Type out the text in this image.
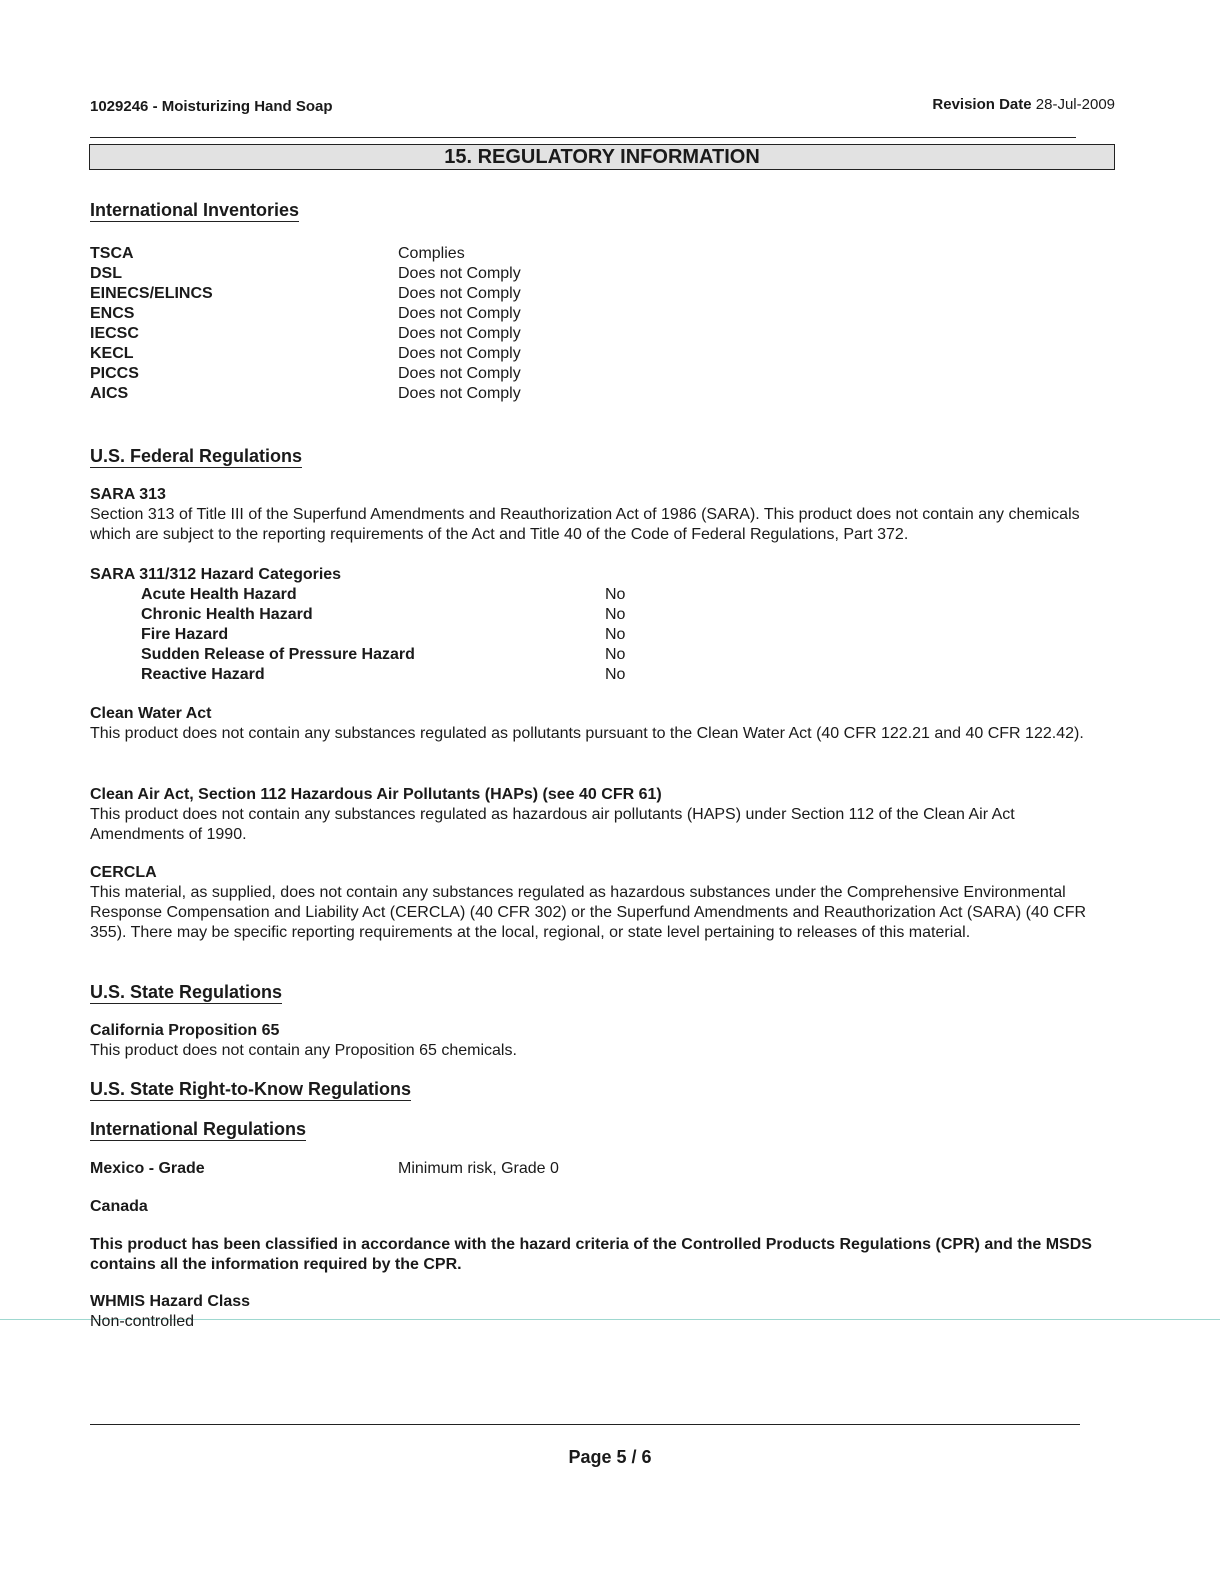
1029246 - Moisturizing Hand Soap	Revision Date 28-Jul-2009
15. REGULATORY INFORMATION
International Inventories
TSCA	Complies
DSL	Does not Comply
EINECS/ELINCS	Does not Comply
ENCS	Does not Comply
IECSC	Does not Comply
KECL	Does not Comply
PICCS	Does not Comply
AICS	Does not Comply
U.S. Federal Regulations
SARA 313
Section 313 of Title III of the Superfund Amendments and Reauthorization Act of 1986 (SARA). This product does not contain any chemicals which are subject to the reporting requirements of the Act and Title 40 of the Code of Federal Regulations, Part 372.
SARA 311/312 Hazard Categories
Acute Health Hazard	No
Chronic Health Hazard	No
Fire Hazard	No
Sudden Release of Pressure Hazard	No
Reactive Hazard	No
Clean Water Act
This product does not contain any substances regulated as pollutants pursuant to the Clean Water Act (40 CFR 122.21 and 40 CFR 122.42).
Clean Air Act, Section 112 Hazardous Air Pollutants (HAPs) (see 40 CFR 61)
This product does not contain any substances regulated as hazardous air pollutants (HAPS) under Section 112 of the Clean Air Act Amendments of 1990.
CERCLA
This material, as supplied, does not contain any substances regulated as hazardous substances under the Comprehensive Environmental Response Compensation and Liability Act (CERCLA) (40 CFR 302) or the Superfund Amendments and Reauthorization Act (SARA) (40 CFR 355). There may be specific reporting requirements at the local, regional, or state level pertaining to releases of this material.
U.S. State Regulations
California Proposition 65
This product does not contain any Proposition 65 chemicals.
U.S. State Right-to-Know Regulations
International Regulations
Mexico - Grade	Minimum risk, Grade 0
Canada
This product has been classified in accordance with the hazard criteria of the Controlled Products Regulations (CPR) and the MSDS contains all the information required by the CPR.
WHMIS Hazard Class
Non-controlled
Page 5 / 6
